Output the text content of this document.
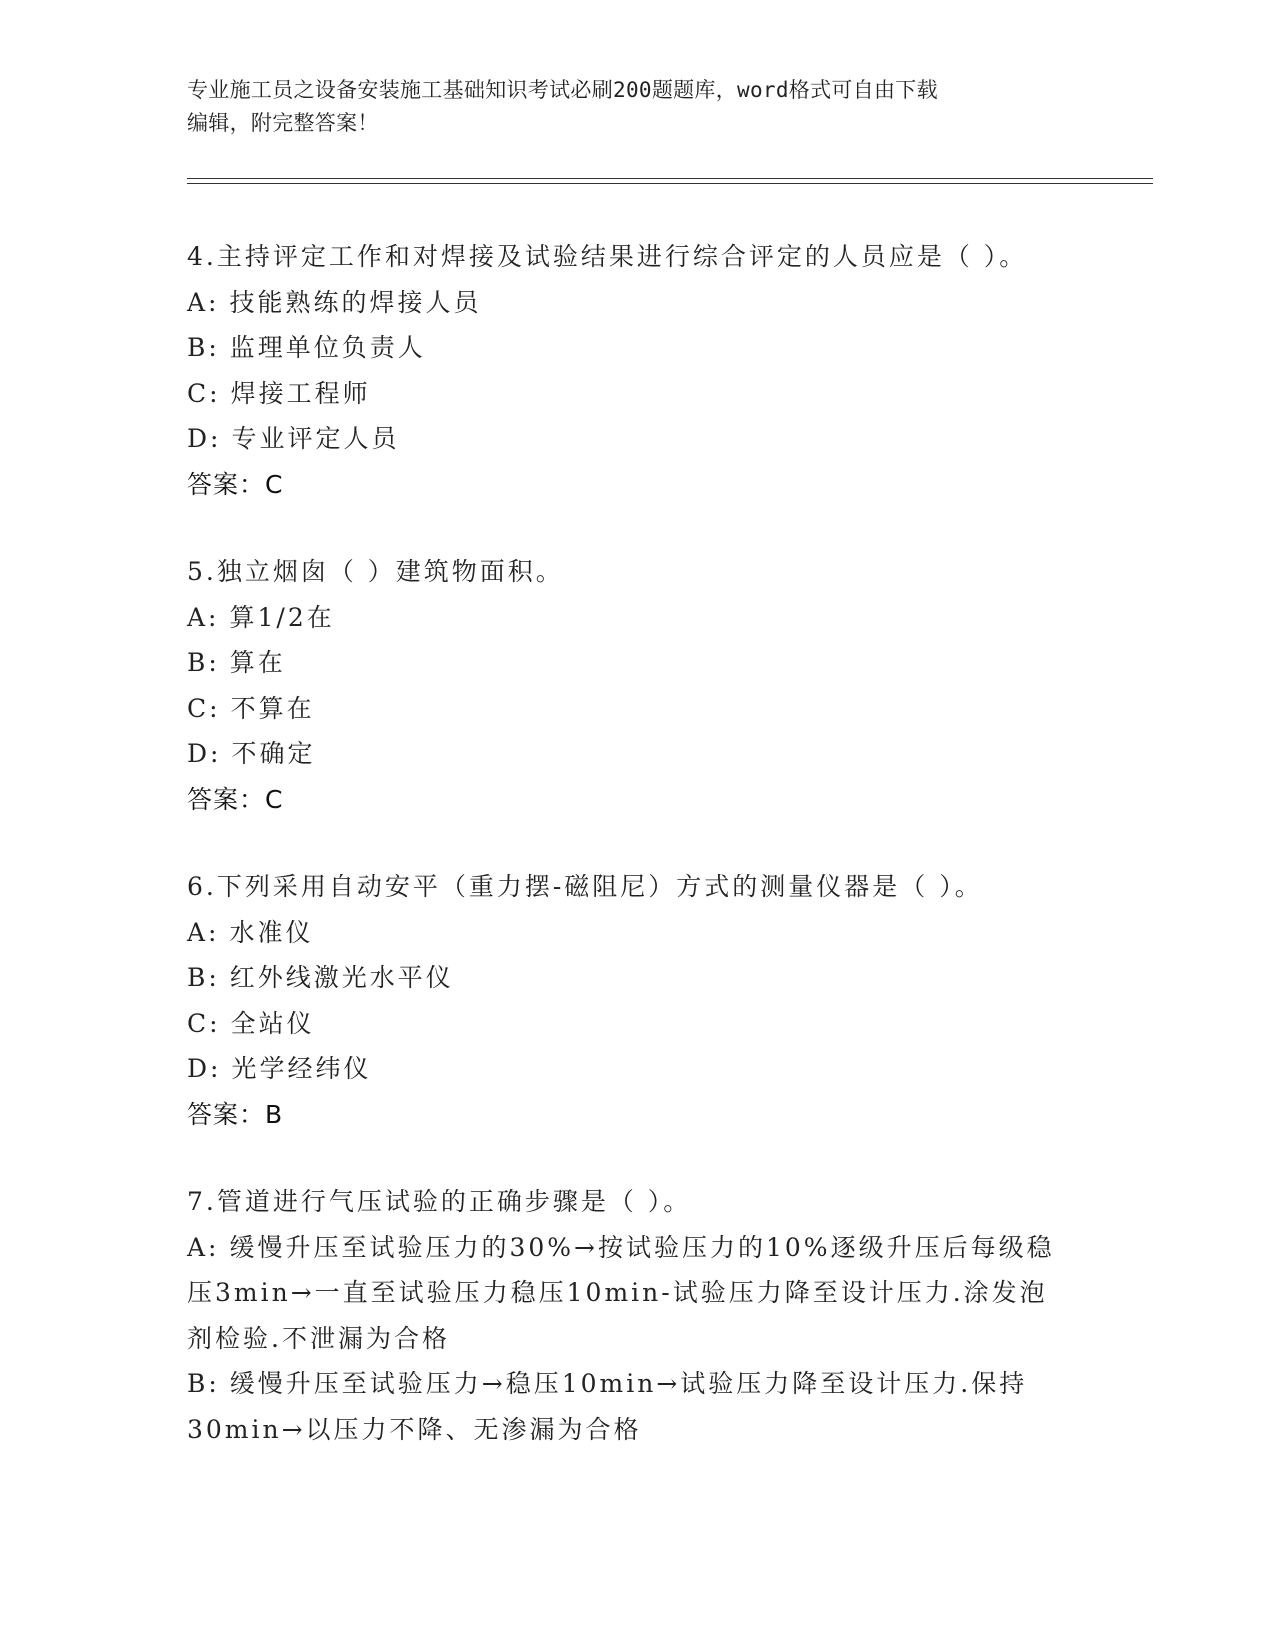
专业施工员之设备安装施工基础知识考试必刷200题题库，word格式可自由下载
编辑，附完整答案！
4.主持评定工作和对焊接及试验结果进行综合评定的人员应是（ ）。
A: 技能熟练的焊接人员
B: 监理单位负责人
C: 焊接工程师
D: 专业评定人员
答案：C
5.独立烟囱（ ）建筑物面积。
A: 算1/2在
B: 算在
C: 不算在
D: 不确定
答案：C
6.下列采用自动安平（重力摆-磁阻尼）方式的测量仪器是（ ）。
A: 水准仪
B: 红外线激光水平仪
C: 全站仪
D: 光学经纬仪
答案：B
7.管道进行气压试验的正确步骤是（ ）。
A: 缓慢升压至试验压力的30%→按试验压力的10%逐级升压后每级稳
压3min→一直至试验压力稳压10min-试验压力降至设计压力.涂发泡
剂检验.不泄漏为合格
B: 缓慢升压至试验压力→稳压10min→试验压力降至设计压力.保持
30min→以压力不降、无渗漏为合格
